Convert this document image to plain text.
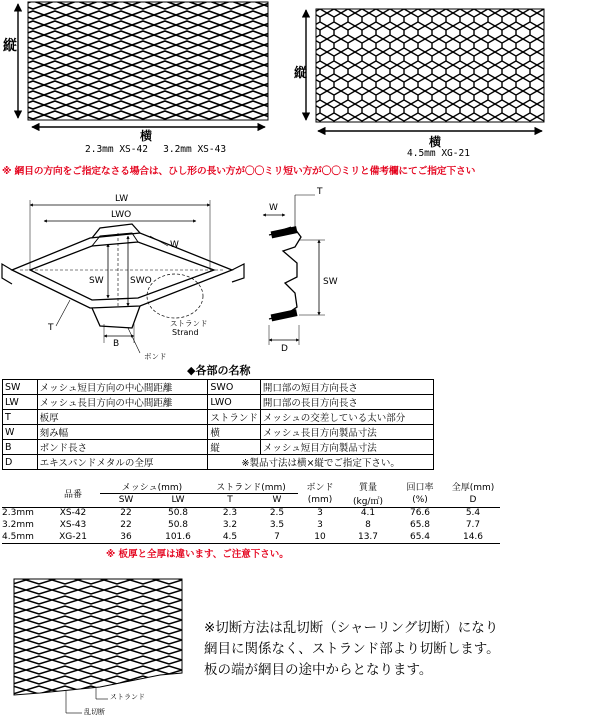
縦
横
2.3mm XS-42　 3.2mm XS-43
縦
横
4.5mm XG-21
※ 網目の方向をご指定なさる場合は、ひし形の長い方が〇〇ミリ短い方が〇〇ミリと備考欄にてご指定下さい
LW
LWO
W
SW	SWO
T	ストランド
Strand
B
ボンド
T
W
SW
D
◆各部の名称
SW	メッシュ短目方向の中心間距離	SWO	開口部の短目方向長さ
LW	メッシュ長目方向の中心間距離	LWO	開口部の長目方向長さ
T	板厚	ストランド	メッシュの交差している太い部分
W	刻み幅	横	メッシュ長目方向製品寸法
B	ボンド長さ	縦	メッシュ短目方向製品寸法
D	エキスパンドメタルの全厚	※製品寸法は横×縦でご指定下さい。	
	品番	メッシュ(mm)		ストランド(mm)		ボンド	質量	回口率	全厚(mm)
		SW	LW	T	W	(mm)	(kg/㎡)	(%)	D
2.3mm	XS-42	22	50.8	2.3	2.5	3	4.1	76.6	5.4
3.2mm	XS-43	22	50.8	3.2	3.5	3	8	65.8	7.7
4.5mm	XG-21	36	101.6	4.5	7	10	13.7	65.4	14.6
※ 板厚と全厚は違います、ご注意下さい。
ストランド
乱切断
※切断方法は乱切断（シャーリング切断）になり
網目に関係なく、ストランド部より切断します。
板の端が網目の途中からとなります。
